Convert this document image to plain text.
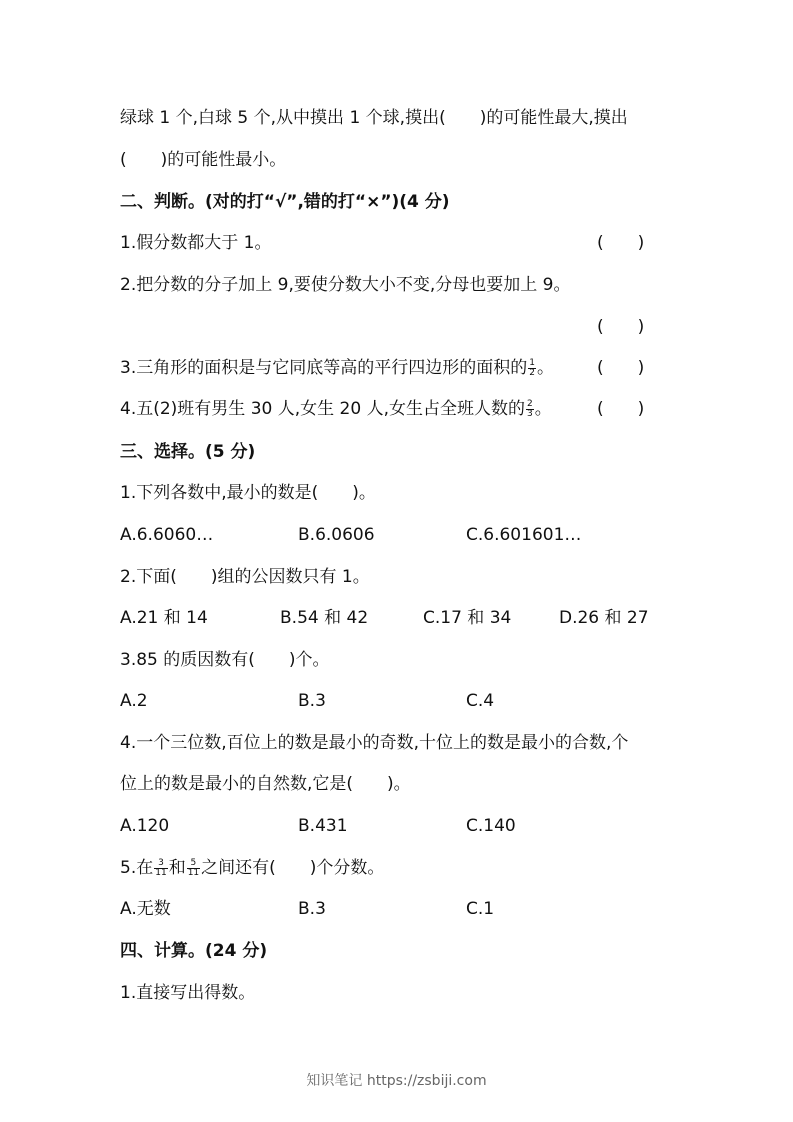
绿球 1 个,白球 5 个,从中摸出 1 个球,摸出(　　)的可能性最大,摸出
(　　)的可能性最小。
二、判断。(对的打“√”,错的打“×”)(4 分)
1.假分数都大于 1。	(　　)
2.把分数的分子加上 9,要使分数大小不变,分母也要加上 9。
(　　)
3.三角形的面积是与它同底等高的平行四边形的面积的 $\frac{1}{2}$ 。	(　　)
4.五(2)班有男生 30 人,女生 20 人,女生占全班人数的 $\frac{2}{3}$ 。	(　　)
三、选择。(5 分)
1.下列各数中,最小的数是(　　)。
A.6.6060…	B.6.0606	C.6.601601…
2.下面(　　)组的公因数只有 1。
A.21 和 14	B.54 和 42	C.17 和 34	D.26 和 27
3.85 的质因数有(　　)个。
A.2	B.3	C.4
4.一个三位数,百位上的数是最小的奇数,十位上的数是最小的合数,个
位上的数是最小的自然数,它是(　　)。
A.120	B.431	C.140
5.在 $\frac{3}{11}$ 和 $\frac{5}{11}$ 之间还有(　　)个分数。
A.无数	B.3	C.1
四、计算。(24 分)
1.直接写出得数。
知识笔记 https://zsbiji.com
